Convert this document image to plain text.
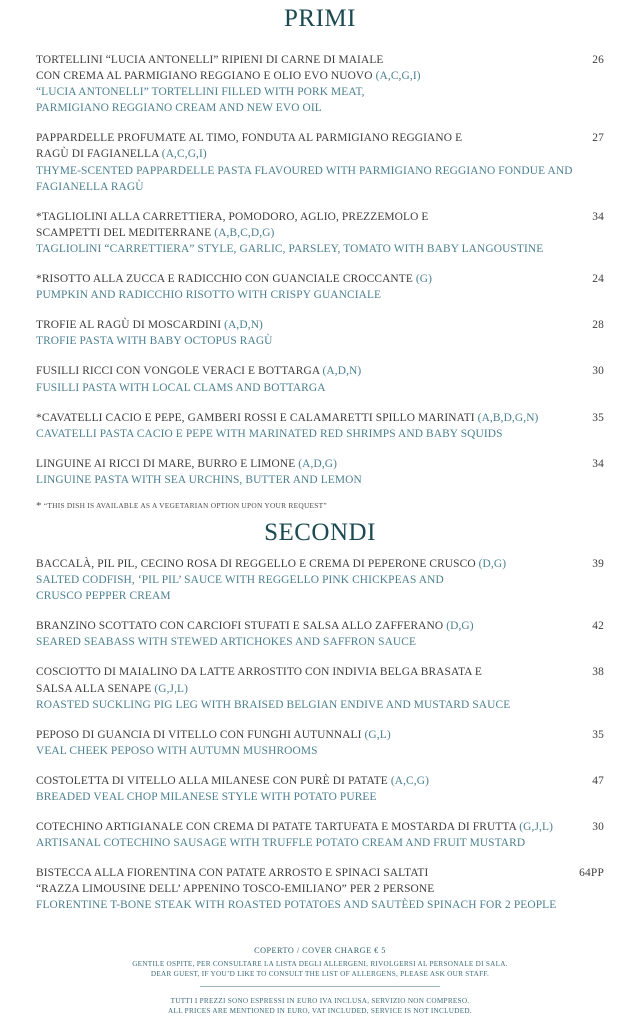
PRIMI
TORTELLINI “LUCIA ANTONELLI” RIPIENI DI CARNE DI MAIALE
CON CREMA AL PARMIGIANO REGGIANO E OLIO EVO NUOVO (A,C,G,I)
“LUCIA ANTONELLI” TORTELLINI FILLED WITH PORK MEAT,
PARMIGIANO REGGIANO CREAM AND NEW EVO OIL
26
PAPPARDELLE PROFUMATE AL TIMO, FONDUTA AL PARMIGIANO REGGIANO E
RAGÙ DI FAGIANELLA (A,C,G,I)
THYME-SCENTED PAPPARDELLE PASTA FLAVOURED WITH PARMIGIANO REGGIANO FONDUE AND
FAGIANELLA RAGÙ
27
*TAGLIOLINI ALLA CARRETTIERA, POMODORO, AGLIO, PREZZEMOLO E
SCAMPETTI DEL MEDITERRANE (A,B,C,D,G)
TAGLIOLINI “CARRETTIERA” STYLE, GARLIC, PARSLEY, TOMATO WITH BABY LANGOUSTINE
34
*RISOTTO ALLA ZUCCA E RADICCHIO CON GUANCIALE CROCCANTE (G)
PUMPKIN AND RADICCHIO RISOTTO WITH CRISPY GUANCIALE
24
TROFIE AL RAGÙ DI MOSCARDINI (A,D,N)
TROFIE PASTA WITH BABY OCTOPUS RAGÙ
28
FUSILLI RICCI CON VONGOLE VERACI E BOTTARGA (A,D,N)
FUSILLI PASTA WITH LOCAL CLAMS AND BOTTARGA
30
*CAVATELLI CACIO E PEPE, GAMBERI ROSSI E CALAMARETTI SPILLO MARINATI (A,B,D,G,N)
CAVATELLI PASTA CACIO E PEPE WITH MARINATED RED SHRIMPS AND BABY SQUIDS
35
LINGUINE AI RICCI DI MARE, BURRO E LIMONE (A,D,G)
LINGUINE PASTA WITH SEA URCHINS, BUTTER AND LEMON
34
* “THIS DISH IS AVAILABLE AS A VEGETARIAN OPTION UPON YOUR REQUEST”
SECONDI
BACCALÀ, PIL PIL, CECINO ROSA DI REGGELLO E CREMA DI PEPERONE CRUSCO (D,G)
SALTED CODFISH, ‘PIL PIL’ SAUCE WITH REGGELLO PINK CHICKPEAS AND
CRUSCO PEPPER CREAM
39
BRANZINO SCOTTATO CON CARCIOFI STUFATI E SALSA ALLO ZAFFERANO (D,G)
SEARED SEABASS WITH STEWED ARTICHOKES AND SAFFRON SAUCE
42
COSCIOTTO DI MAIALINO DA LATTE ARROSTITO CON INDIVIA BELGA BRASATA E
SALSA ALLA SENAPE (G,J,L)
ROASTED SUCKLING PIG LEG WITH BRAISED BELGIAN ENDIVE AND MUSTARD SAUCE
38
PEPOSO DI GUANCIA DI VITELLO CON FUNGHI AUTUNNALI (G,L)
VEAL CHEEK PEPOSO WITH AUTUMN MUSHROOMS
35
COSTOLETTA DI VITELLO ALLA MILANESE CON PURÈ DI PATATE (A,C,G)
BREADED VEAL CHOP MILANESE STYLE WITH POTATO PUREE
47
COTECHINO ARTIGIANALE CON CREMA DI PATATE TARTUFATA E MOSTARDA DI FRUTTA (G,J,L)
ARTISANAL COTECHINO SAUSAGE WITH TRUFFLE POTATO CREAM AND FRUIT MUSTARD
30
BISTECCA ALLA FIORENTINA CON PATATE ARROSTO E SPINACI SALTATI
“RAZZA LIMOUSINE DELL’ APPENINO TOSCO-EMILIANO” PER 2 PERSONE
FLORENTINE T-BONE STEAK WITH ROASTED POTATOES AND SAUTÈED SPINACH FOR 2 PEOPLE
64PP
COPERTO / COVER CHARGE € 5
GENTILE OSPITE, PER CONSULTARE LA LISTA DEGLI ALLERGENI, RIVOLGERSI AL PERSONALE DI SALA.
DEAR GUEST, IF YOU’D LIKE TO CONSULT THE LIST OF ALLERGENS, PLEASE ASK OUR STAFF.
TUTTI I PREZZI SONO ESPRESSI IN EURO IVA INCLUSA, SERVIZIO NON COMPRESO.
ALL PRICES ARE MENTIONED IN EURO, VAT INCLUDED, SERVICE IS NOT INCLUDED.
